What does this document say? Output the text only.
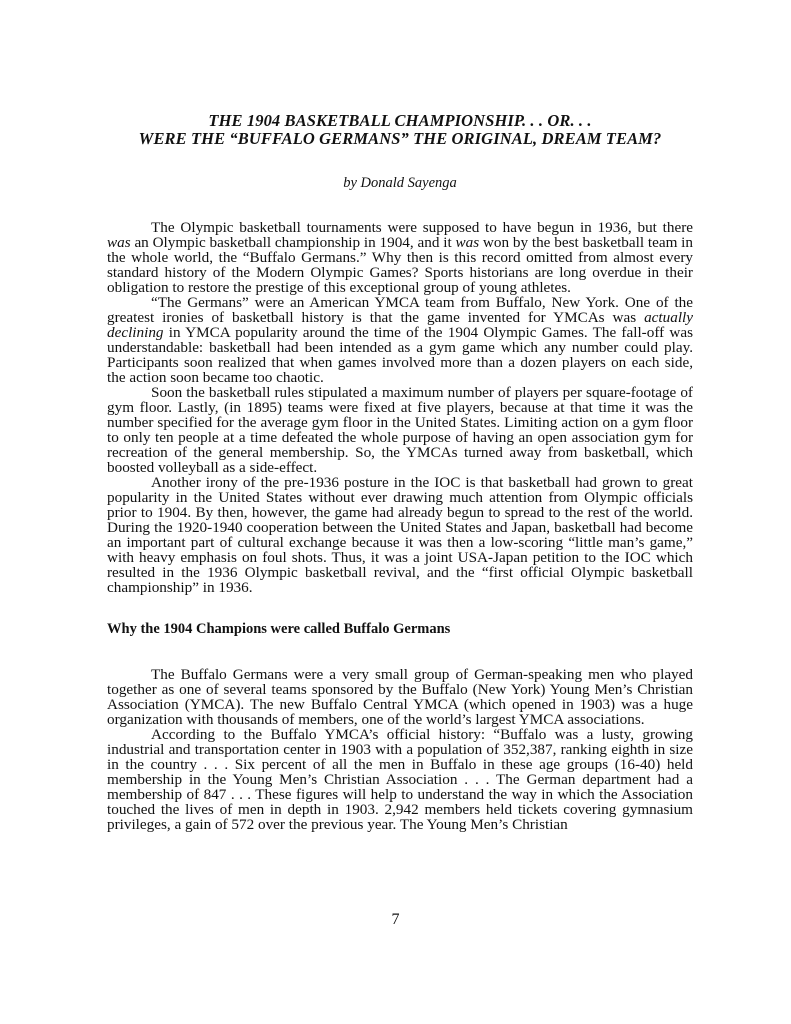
THE 1904 BASKETBALL CHAMPIONSHIP. . . OR. . .
WERE THE “BUFFALO GERMANS” THE ORIGINAL, DREAM TEAM?
by Donald Sayenga

The Olympic basketball tournaments were supposed to have begun in 1936, but there was an Olympic basketball championship in 1904, and it was won by the best basketball team in the whole world, the “Buffalo Germans.” Why then is this record omitted from almost every standard history of the Modern Olympic Games? Sports historians are long overdue in their obligation to restore the prestige of this exceptional group of young athletes.

“The Germans” were an American YMCA team from Buffalo, New York. One of the greatest ironies of basketball history is that the game invented for YMCAs was actually declining in YMCA popularity around the time of the 1904 Olympic Games. The fall-off was understandable: basketball had been intended as a gym game which any number could play. Participants soon realized that when games involved more than a dozen players on each side, the action soon became too chaotic.

Soon the basketball rules stipulated a maximum number of players per square-footage of gym floor. Lastly, (in 1895) teams were fixed at five players, because at that time it was the number specified for the average gym floor in the United States. Limiting action on a gym floor to only ten people at a time defeated the whole purpose of having an open association gym for recreation of the general membership. So, the YMCAs turned away from basketball, which boosted volleyball as a side-effect.

Another irony of the pre-1936 posture in the IOC is that basketball had grown to great popularity in the United States without ever drawing much attention from Olympic officials prior to 1904. By then, however, the game had already begun to spread to the rest of the world. During the 1920-1940 cooperation between the United States and Japan, basketball had become an important part of cultural exchange because it was then a low-scoring “little man’s game,” with heavy emphasis on foul shots. Thus, it was a joint USA-Japan petition to the IOC which resulted in the 1936 Olympic basketball revival, and the “first official Olympic basketball championship” in 1936.

Why the 1904 Champions were called Buffalo Germans

The Buffalo Germans were a very small group of German-speaking men who played together as one of several teams sponsored by the Buffalo (New York) Young Men’s Christian Association (YMCA). The new Buffalo Central YMCA (which opened in 1903) was a huge organization with thousands of members, one of the world’s largest YMCA associations.

According to the Buffalo YMCA’s official history: “Buffalo was a lusty, growing industrial and transportation center in 1903 with a population of 352,387, ranking eighth in size in the country . . . Six percent of all the men in Buffalo in these age groups (16-40) held membership in the Young Men’s Christian Association . . . The German department had a membership of 847 . . . These figures will help to understand the way in which the Association touched the lives of men in depth in 1903. 2,942 members held tickets covering gymnasium privileges, a gain of 572 over the previous year. The Young Men’s Christian

7
